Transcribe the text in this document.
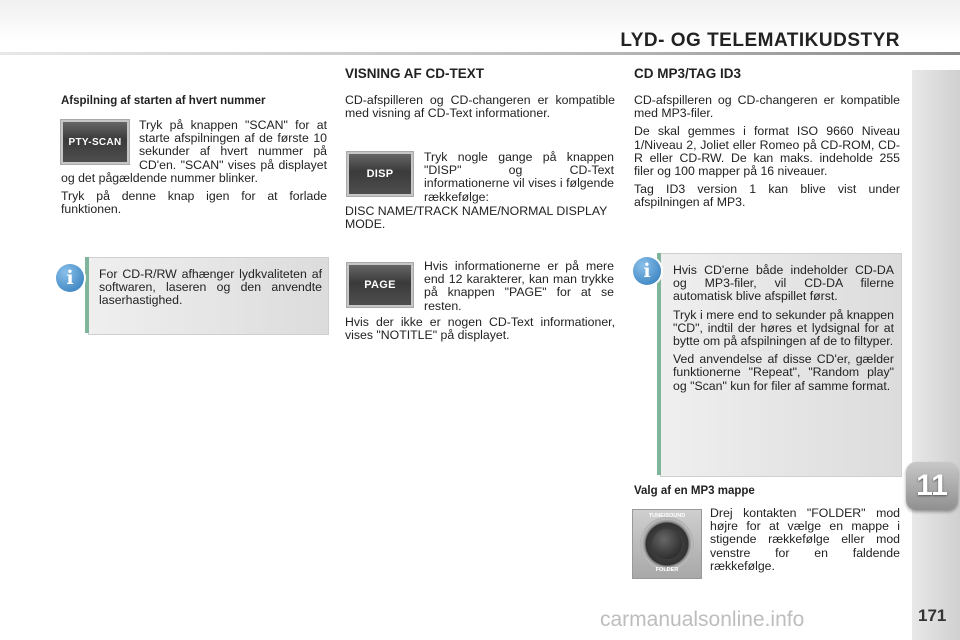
LYD- OG TELEMATIKUDSTYR
11
Afspilning af starten af hvert nummer
PTY-SCAN

Tryk på knappen "SCAN" for at starte afspilningen af de første 10 sekunder af hvert nummer på CD'en. "SCAN" vises på displayet og det pågældende nummer blinker.

Tryk på denne knap igen for at forlade funktionen.

For CD-R/RW afhænger lydkvaliteten af softwaren, laseren og den anvendte laserhastighed.

i
VISNING AF CD-TEXT

CD-afspilleren og CD-changeren er kompatible med visning af CD-Text informationer.

DISP

Tryk nogle gange på knappen "DISP" og CD-Text informationerne vil vises i følgende rækkefølge:

DISC NAME/TRACK NAME/NORMAL DISPLAY MODE.

PAGE

Hvis informationerne er på mere end 12 karakterer, kan man trykke på knappen "PAGE" for at se resten.

Hvis der ikke er nogen CD-Text informationer, vises "NOTITLE" på displayet.

CD MP3/TAG ID3

CD-afspilleren og CD-changeren er kompatible med MP3-filer.

De skal gemmes i format ISO 9660 Niveau 1/Niveau 2, Joliet eller Romeo på CD-ROM, CD-R eller CD-RW. De kan maks. indeholde 255 filer og 100 mapper på 16 niveauer.

Tag ID3 version 1 kan blive vist under afspilningen af MP3.

Hvis CD'erne både indeholder CD-DA og MP3-filer, vil CD-DA filerne automatisk blive afspillet først.

Tryk i mere end to sekunder på knappen "CD", indtil der høres et lydsignal for at bytte om på afspilningen af de to filtyper.

Ved anvendelse af disse CD'er, gælder funktionerne "Repeat", "Random play" og "Scan" kun for filer af samme format.

i
Valg af en MP3 mappe
TUNE/SOUND
FOLDER

Drej kontakten "FOLDER" mod højre for at vælge en mappe i stigende rækkefølge eller mod venstre for en faldende rækkefølge.

carmanualsonline.info	171
